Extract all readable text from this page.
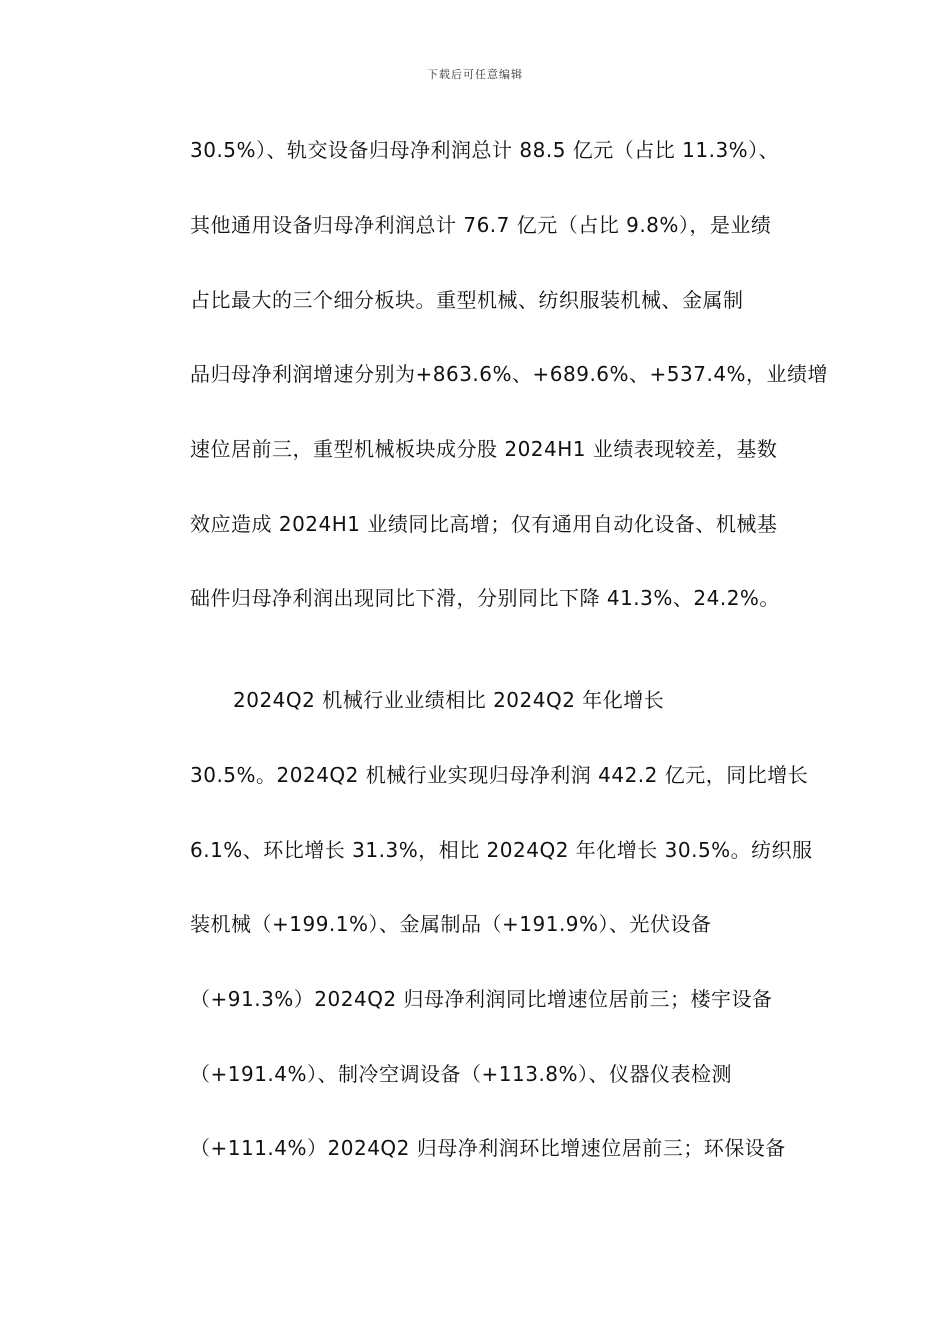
下载后可任意编辑
30.5%）、轨交设备归母净利润总计 88.5 亿元（占比 11.3%）、
其他通用设备归母净利润总计 76.7 亿元（占比 9.8%），是业绩
占比最大的三个细分板块。重型机械、纺织服装机械、金属制
品归母净利润增速分别为+863.6%、+689.6%、+537.4%，业绩增
速位居前三，重型机械板块成分股 2024H1 业绩表现较差，基数
效应造成 2024H1 业绩同比高增；仅有通用自动化设备、机械基
础件归母净利润出现同比下滑，分别同比下降 41.3%、24.2%。
2024Q2 机械行业业绩相比 2024Q2 年化增长
30.5%。2024Q2 机械行业实现归母净利润 442.2 亿元，同比增长
6.1%、环比增长 31.3%，相比 2024Q2 年化增长 30.5%。纺织服
装机械（+199.1%）、金属制品（+191.9%）、光伏设备
（+91.3%）2024Q2 归母净利润同比增速位居前三；楼宇设备
（+191.4%）、制冷空调设备（+113.8%）、仪器仪表检测
（+111.4%）2024Q2 归母净利润环比增速位居前三；环保设备
